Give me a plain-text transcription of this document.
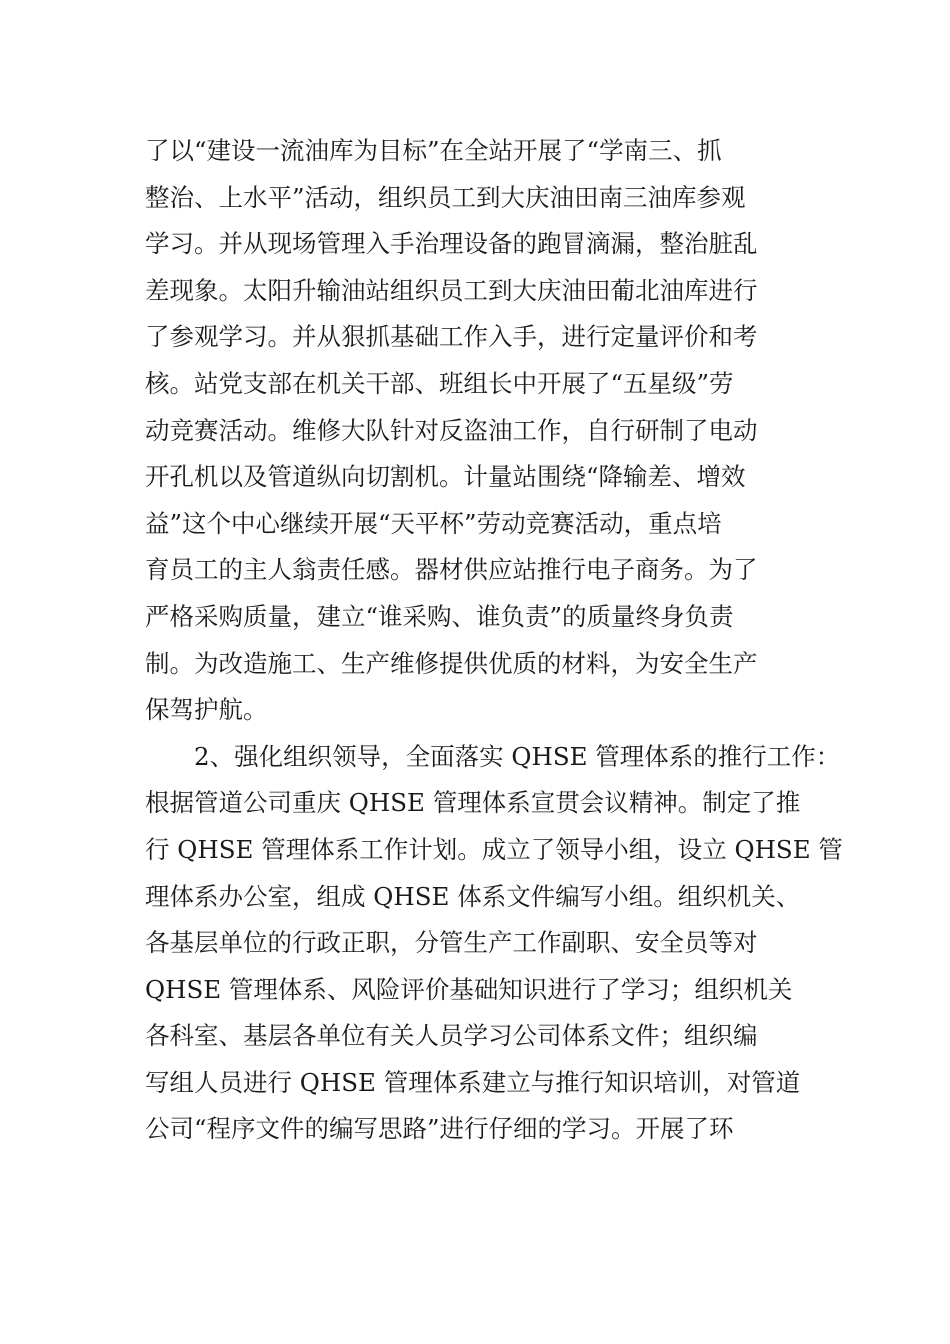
了以“建设一流油库为目标”在全站开展了“学南三、抓
整治、上水平”活动，组织员工到大庆油田南三油库参观
学习。并从现场管理入手治理设备的跑冒滴漏，整治脏乱
差现象。太阳升输油站组织员工到大庆油田葡北油库进行
了参观学习。并从狠抓基础工作入手，进行定量评价和考
核。站党支部在机关干部、班组长中开展了“五星级”劳
动竞赛活动。维修大队针对反盗油工作，自行研制了电动
开孔机以及管道纵向切割机。计量站围绕“降输差、增效
益”这个中心继续开展“天平杯”劳动竞赛活动，重点培
育员工的主人翁责任感。器材供应站推行电子商务。为了
严格采购质量，建立“谁采购、谁负责”的质量终身负责
制。为改造施工、生产维修提供优质的材料，为安全生产
保驾护航。
2、强化组织领导，全面落实 QHSE 管理体系的推行工作：
根据管道公司重庆 QHSE 管理体系宣贯会议精神。制定了推
行 QHSE 管理体系工作计划。成立了领导小组，设立 QHSE 管
理体系办公室，组成 QHSE 体系文件编写小组。组织机关、
各基层单位的行政正职，分管生产工作副职、安全员等对
QHSE 管理体系、风险评价基础知识进行了学习；组织机关
各科室、基层各单位有关人员学习公司体系文件；组织编
写组人员进行 QHSE 管理体系建立与推行知识培训，对管道
公司“程序文件的编写思路”进行仔细的学习。开展了环
